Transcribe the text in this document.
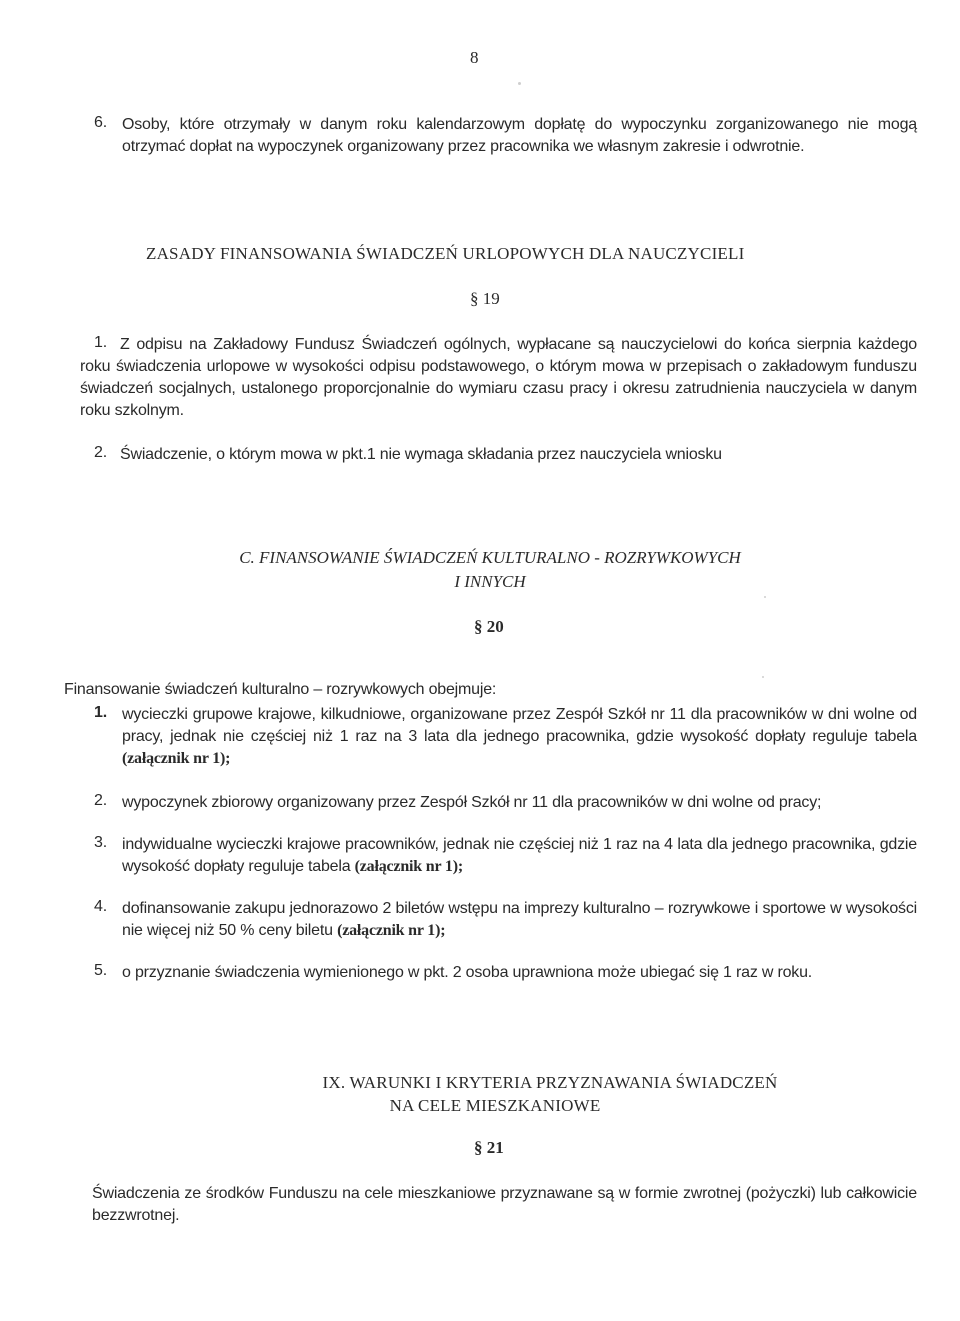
8
6. Osoby, które otrzymały w danym roku kalendarzowym dopłatę do wypoczynku zorganizowanego nie mogą otrzymać dopłat na wypoczynek organizowany przez pracownika we własnym zakresie i odwrotnie.

ZASADY FINANSOWANIA ŚWIADCZEŃ URLOPOWYCH DLA NAUCZYCIELI
§ 19
1. Z odpisu na Zakładowy Fundusz Świadczeń ogólnych, wypłacane są nauczycielowi do końca sierpnia każdego roku świadczenia urlopowe w wysokości odpisu podstawowego, o którym mowa w przepisach o zakładowym funduszu świadczeń socjalnych, ustalonego proporcjonalnie do wymiaru czasu pracy i okresu zatrudnienia nauczyciela w danym roku szkolnym.

2. Świadczenie, o którym mowa w pkt.1 nie wymaga składania przez nauczyciela wniosku

C. FINANSOWANIE ŚWIADCZEŃ KULTURALNO - ROZRYWKOWYCH
I INNYCH
§ 20
Finansowanie świadczeń kulturalno – rozrywkowych obejmuje:
1. wycieczki grupowe krajowe, kilkudniowe, organizowane przez Zespół Szkół nr 11 dla pracowników w dni wolne od pracy, jednak nie częściej niż 1 raz na 3 lata dla jednego pracownika, gdzie wysokość dopłaty reguluje tabela (załącznik nr 1);

2. wypoczynek zbiorowy organizowany przez Zespół Szkół nr 11 dla pracowników w dni wolne od pracy;

3. indywidualne wycieczki krajowe pracowników, jednak nie częściej niż 1 raz na 4 lata dla jednego pracownika, gdzie wysokość dopłaty reguluje tabela (załącznik nr 1);

4. dofinansowanie zakupu jednorazowo 2 biletów wstępu na imprezy kulturalno – rozrywkowe i sportowe w wysokości nie więcej niż 50 % ceny biletu (załącznik nr 1);

5. o przyznanie świadczenia wymienionego w pkt. 2 osoba uprawniona może ubiegać się 1 raz w roku.

IX. WARUNKI I KRYTERIA PRZYZNAWANIA ŚWIADCZEŃ
NA CELE MIESZKANIOWE
§ 21

Świadczenia ze środków Funduszu na cele mieszkaniowe przyznawane są w formie zwrotnej (pożyczki) lub całkowicie bezzwrotnej.
